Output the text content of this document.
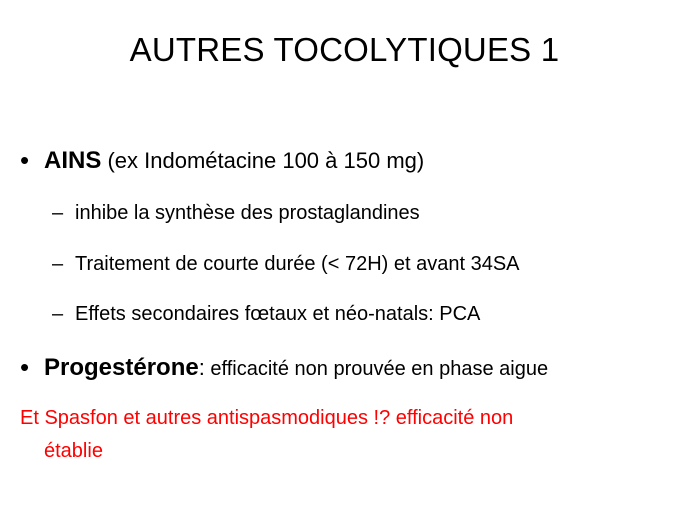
AUTRES TOCOLYTIQUES 1
• AINS (ex Indométacine 100 à 150 mg)
– inhibe la synthèse des prostaglandines
– Traitement de courte durée (< 72H) et avant 34SA
– Effets secondaires fœtaux et néo-natals: PCA
• Progestérone: efficacité non prouvée en phase aigue
Et Spasfon et autres antispasmodiques !? efficacité non
établie
